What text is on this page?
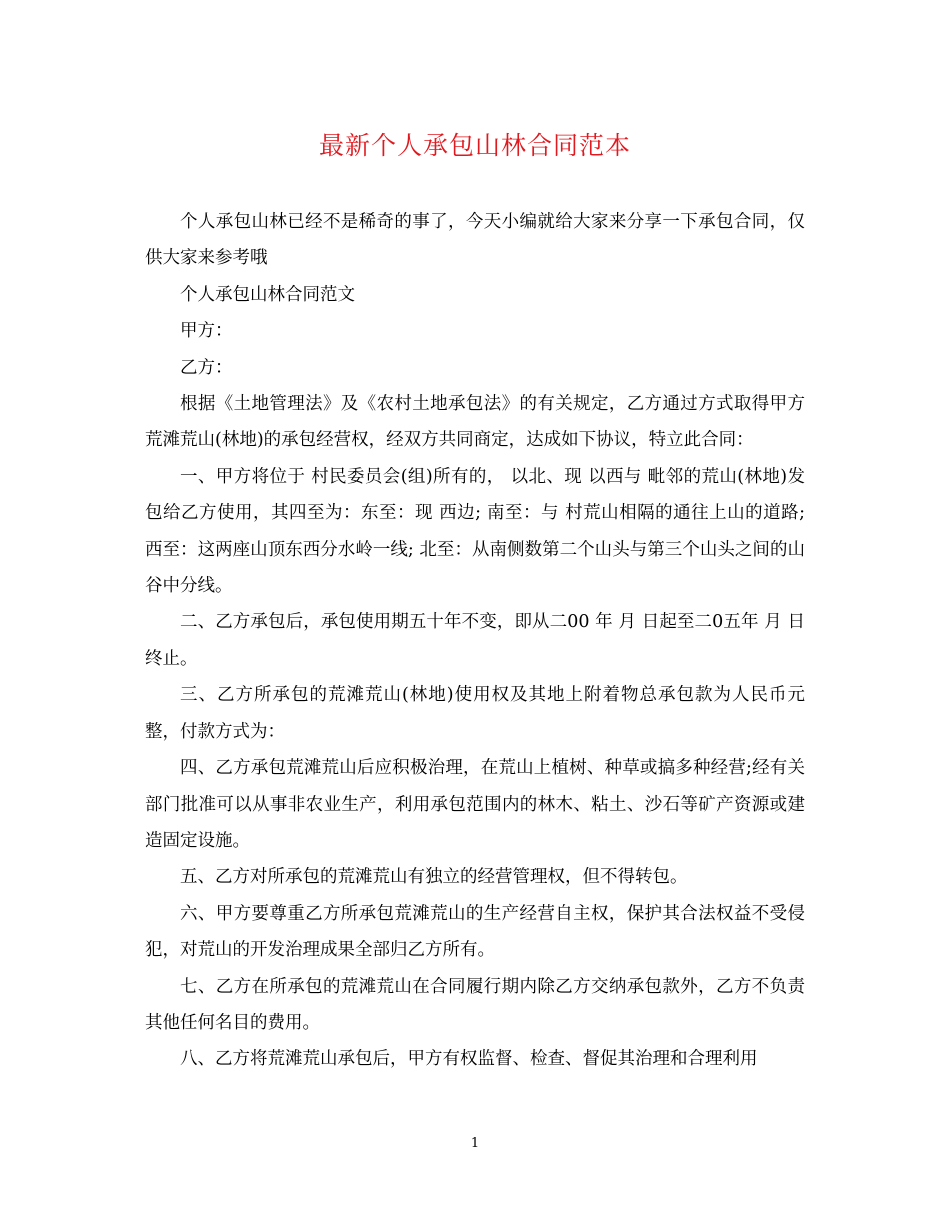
最新个人承包山林合同范本

个人承包山林已经不是稀奇的事了，今天小编就给大家来分享一下承包合同，仅供大家来参考哦

个人承包山林合同范文

甲方：

乙方：

根据《土地管理法》及《农村土地承包法》的有关规定，乙方通过方式取得甲方荒滩荒山(林地)的承包经营权，经双方共同商定，达成如下协议，特立此合同：

一、甲方将位于 村民委员会(组)所有的， 以北、现 以西与 毗邻的荒山(林地)发包给乙方使用，其四至为：东至：现 西边; 南至：与 村荒山相隔的通往上山的道路; 西至：这两座山顶东西分水岭一线; 北至：从南侧数第二个山头与第三个山头之间的山谷中分线。

二、乙方承包后，承包使用期五十年不变，即从二00 年 月 日起至二0五年 月 日终止。

三、乙方所承包的荒滩荒山(林地)使用权及其地上附着物总承包款为人民币元整，付款方式为：

四、乙方承包荒滩荒山后应积极治理，在荒山上植树、种草或搞多种经营;经有关部门批准可以从事非农业生产，利用承包范围内的林木、粘土、沙石等矿产资源或建造固定设施。

五、乙方对所承包的荒滩荒山有独立的经营管理权，但不得转包。

六、甲方要尊重乙方所承包荒滩荒山的生产经营自主权，保护其合法权益不受侵犯，对荒山的开发治理成果全部归乙方所有。

七、乙方在所承包的荒滩荒山在合同履行期内除乙方交纳承包款外，乙方不负责其他任何名目的费用。

八、乙方将荒滩荒山承包后，甲方有权监督、检查、督促其治理和合理利用

1
